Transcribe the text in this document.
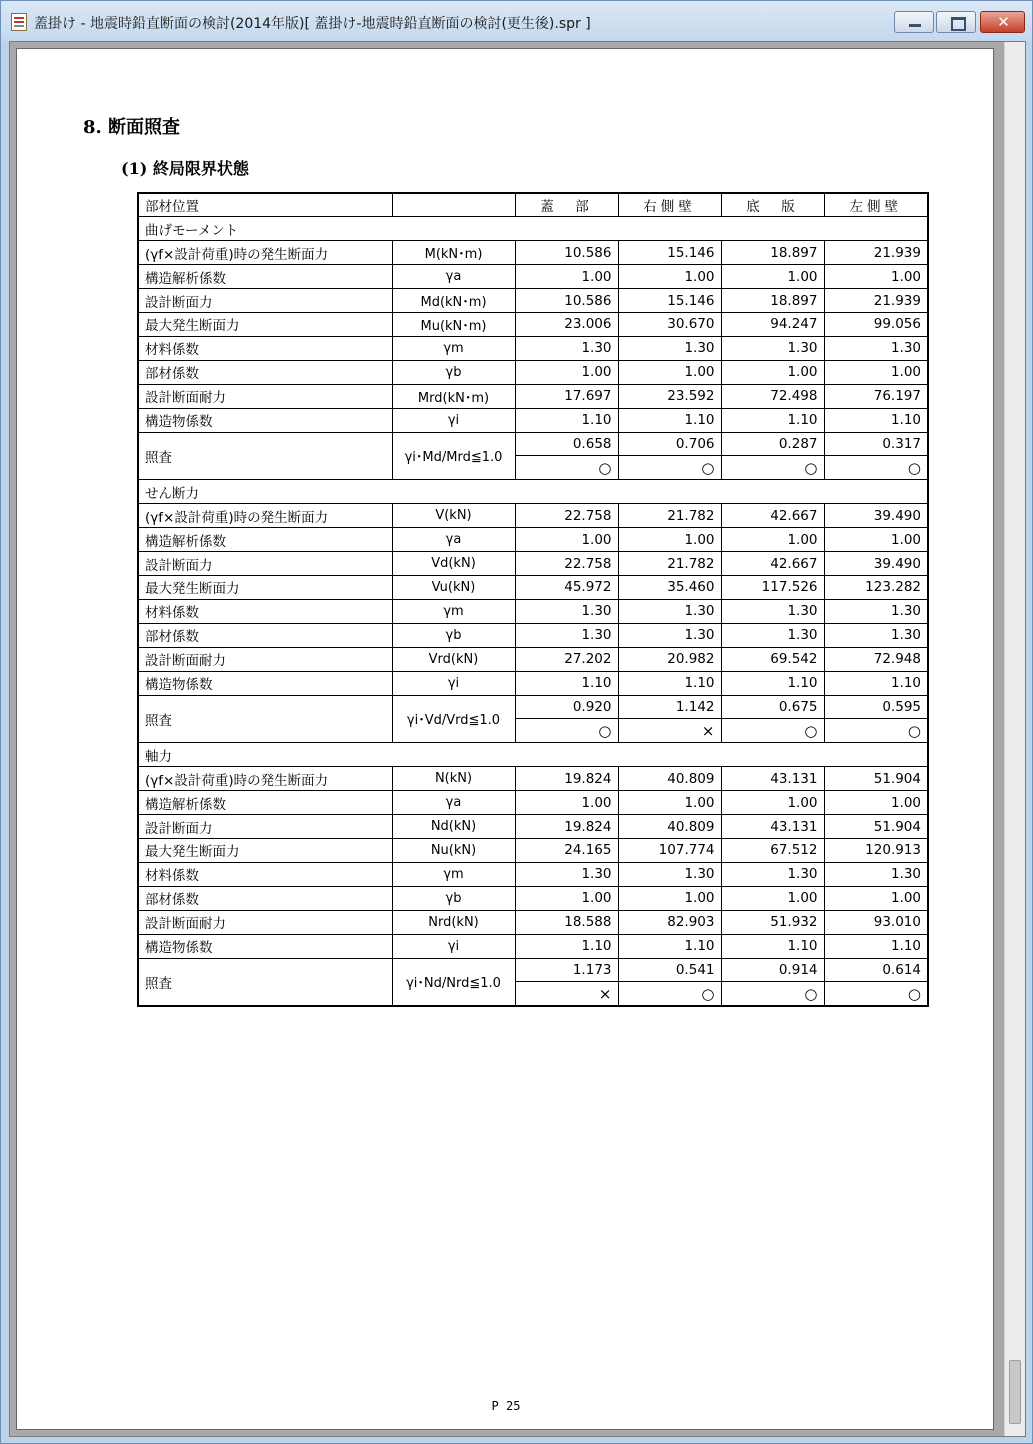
蓋掛け - 地震時鉛直断面の検討(2014年版)[ 蓋掛け-地震時鉛直断面の検討(更生後).spr ]
✕
8. 断面照査
(1) 終局限界状態
部材位置		蓋　部	右側壁	底　版	左側壁
曲げモーメント					
(γf×設計荷重)時の発生断面力	M(kN･m)	10.586	15.146	18.897	21.939
構造解析係数	γa	1.00	1.00	1.00	1.00
設計断面力	Md(kN･m)	10.586	15.146	18.897	21.939
最大発生断面力	Mu(kN･m)	23.006	30.670	94.247	99.056
材料係数	γm	1.30	1.30	1.30	1.30
部材係数	γb	1.00	1.00	1.00	1.00
設計断面耐力	Mrd(kN･m)	17.697	23.592	72.498	76.197
構造物係数	γi	1.10	1.10	1.10	1.10
照査	γi･Md/Mrd≦1.0	0.658	0.706	0.287	0.317
		○	○	○	○
せん断力					
(γf×設計荷重)時の発生断面力	V(kN)	22.758	21.782	42.667	39.490
構造解析係数	γa	1.00	1.00	1.00	1.00
設計断面力	Vd(kN)	22.758	21.782	42.667	39.490
最大発生断面力	Vu(kN)	45.972	35.460	117.526	123.282
材料係数	γm	1.30	1.30	1.30	1.30
部材係数	γb	1.30	1.30	1.30	1.30
設計断面耐力	Vrd(kN)	27.202	20.982	69.542	72.948
構造物係数	γi	1.10	1.10	1.10	1.10
照査	γi･Vd/Vrd≦1.0	0.920	1.142	0.675	0.595
		○	×	○	○
軸力					
(γf×設計荷重)時の発生断面力	N(kN)	19.824	40.809	43.131	51.904
構造解析係数	γa	1.00	1.00	1.00	1.00
設計断面力	Nd(kN)	19.824	40.809	43.131	51.904
最大発生断面力	Nu(kN)	24.165	107.774	67.512	120.913
材料係数	γm	1.30	1.30	1.30	1.30
部材係数	γb	1.00	1.00	1.00	1.00
設計断面耐力	Nrd(kN)	18.588	82.903	51.932	93.010
構造物係数	γi	1.10	1.10	1.10	1.10
照査	γi･Nd/Nrd≦1.0	1.173	0.541	0.914	0.614
		×	○	○	○
P 25
